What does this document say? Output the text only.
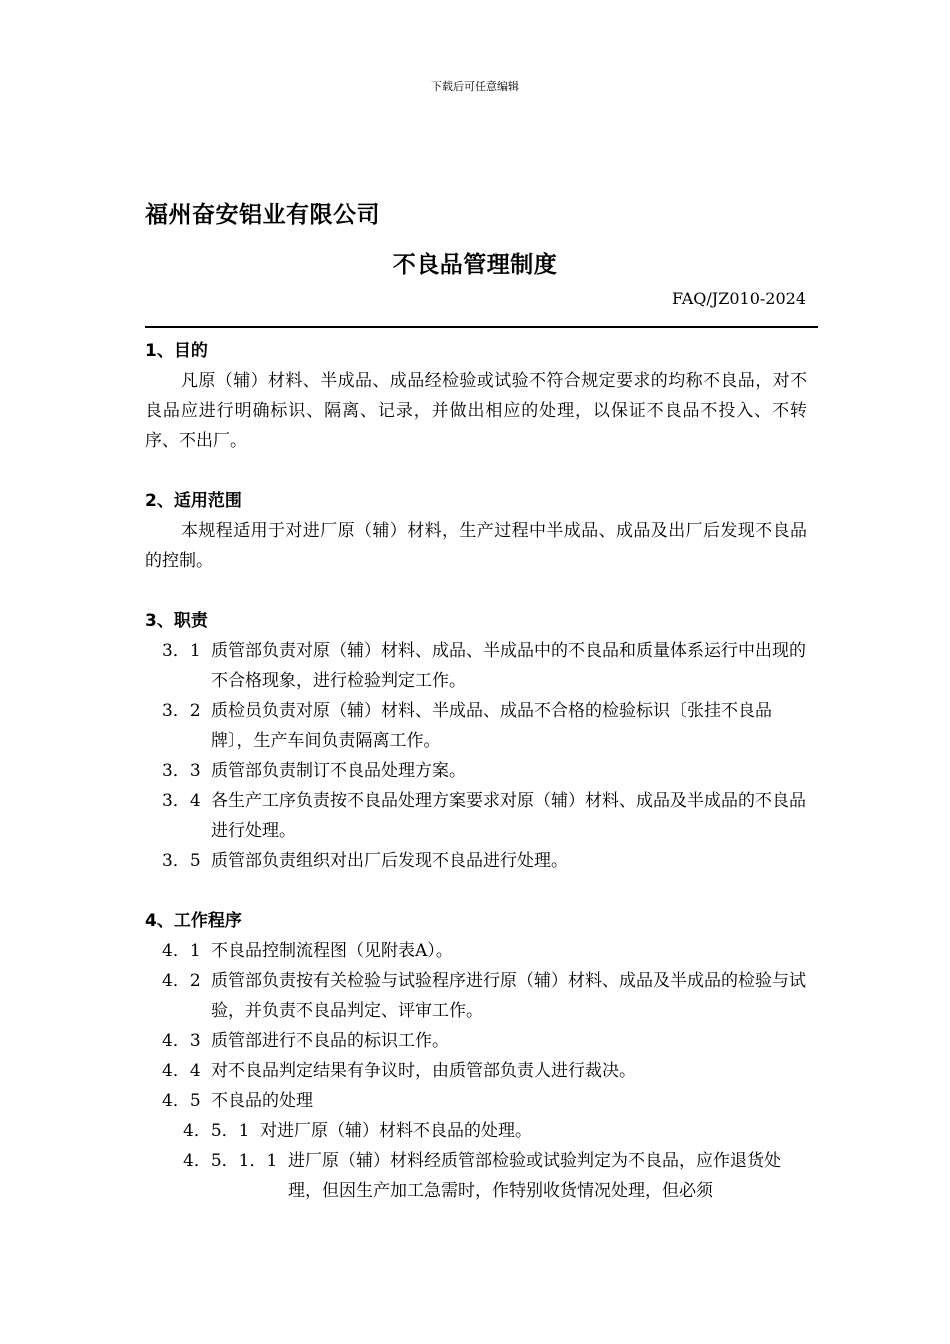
下载后可任意编辑
福州奋安铝业有限公司
不良品管理制度
FAQ/JZ010-2024
1、目的
凡原（辅）材料、半成品、成品经检验或试验不符合规定要求的均称不良品，对不良品应进行明确标识、隔离、记录，并做出相应的处理，以保证不良品不投入、不转序、不出厂。
2、适用范围
本规程适用于对进厂原（辅）材料，生产过程中半成品、成品及出厂后发现不良品的控制。
3、职责
3．1 质管部负责对原（辅）材料、成品、半成品中的不良品和质量体系运行中出现的不合格现象，进行检验判定工作。
3．2 质检员负责对原（辅）材料、半成品、成品不合格的检验标识〔张挂不良品牌〕，生产车间负责隔离工作。
3．3 质管部负责制订不良品处理方案。
3．4 各生产工序负责按不良品处理方案要求对原（辅）材料、成品及半成品的不良品进行处理。
3．5 质管部负责组织对出厂后发现不良品进行处理。
4、工作程序
4．1 不良品控制流程图（见附表A）。
4．2 质管部负责按有关检验与试验程序进行原（辅）材料、成品及半成品的检验与试验，并负责不良品判定、评审工作。
4．3 质管部进行不良品的标识工作。
4．4 对不良品判定结果有争议时，由质管部负责人进行裁决。
4．5 不良品的处理
4．5．1 对进厂原（辅）材料不良品的处理。
4．5．1．1 进厂原（辅）材料经质管部检验或试验判定为不良品，应作退货处理，但因生产加工急需时，作特别收货情况处理，但必须
